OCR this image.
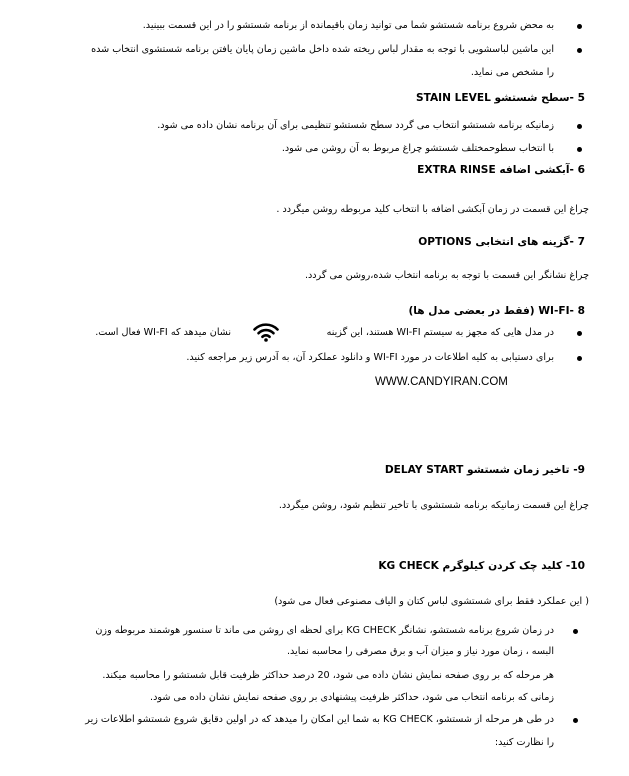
به محض شروع برنامه شستشو شما می توانید زمان باقیمانده از برنامه شستشو را در این قسمت ببینید.

این ماشین لباسشویی با توجه به مقدار لباس ریخته شده داخل ماشین زمان پایان یافتن برنامه شستشوی انتخاب شده

را مشخص می نماید.

5 -سطح شستشو STAIN LEVEL

زمانیکه برنامه شستشو انتخاب می گردد سطح شستشو تنظیمی برای آن برنامه نشان داده می شود.

با انتخاب سطوحمختلف شستشو چراغ مربوط به آن روشن می شود.

6 -آبکشی اضافه EXTRA RINSE

چراغ این قسمت در زمان آبکشی اضافه با انتخاب کلید مربوطه روشن میگردد .

7 -گزینه های انتخابی OPTIONS

چراغ نشانگر این قسمت با توجه به برنامه انتخاب شده،روشن می گردد.

8 -WI-FI (فقط در بعضی مدل ها)

در مدل هایی که مجهز به سیستم WI-FI هستند، این گزینه

نشان میدهد که WI-FI فعال است.

برای دستیابی به کلیه اطلاعات در مورد WI-FI و دانلود عملکرد آن، به آدرس زیر مراجعه کنید.

WWW.CANDYIRAN.COM

9- تاخیر زمان شستشو DELAY START

چراغ این قسمت زمانیکه برنامه شستشوی با تاخیر تنظیم شود، روشن میگردد.

10- کلید چک کردن کیلوگرم KG CHECK

( این عملکرد فقط برای شستشوی لباس کتان و الیاف مصنوعی فعال می شود)

در زمان شروع برنامه شستشو، نشانگر KG CHECK برای لحظه ای روشن می ماند تا سنسور هوشمند مربوطه وزن

البسه ، زمان مورد نیاز و میزان آب و برق مصرفی را محاسبه نماید.

هر مرحله که بر روی صفحه نمایش نشان داده می شود، 20 درصد حداکثر ظرفیت قابل شستشو را محاسبه میکند.

زمانی که برنامه انتخاب می شود، حداکثر ظرفیت پیشنهادی بر روی صفحه نمایش نشان داده می شود.

در طی هر مرحله از شستشو، KG CHECK به شما این امکان را میدهد که در اولین دقایق شروع شستشو اطلاعات زیر

را نظارت کنید:
